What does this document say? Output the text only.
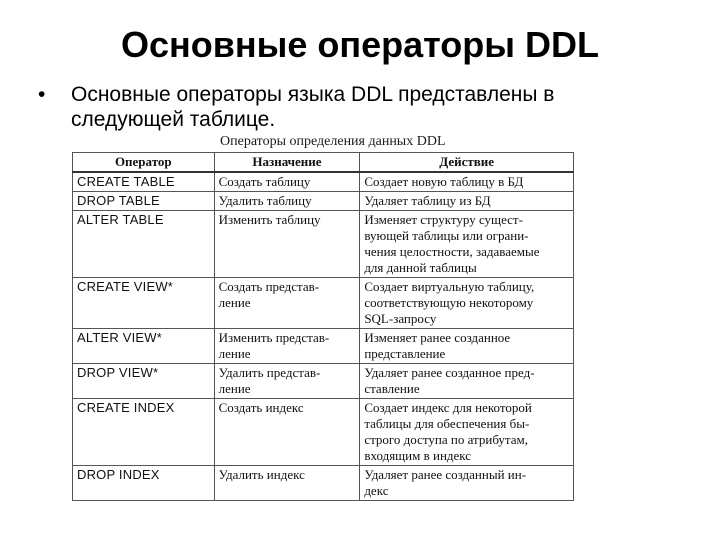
Основные операторы DDL
•	Основные операторы языка DDL представлены в
следующей таблице.
Операторы определения данных DDL
Оператор	Назначение	Действие

CREATE TABLE	Создать таблицу	Создает новую таблицу в БД

DROP TABLE	Удалить таблицу	Удаляет таблицу из БД

ALTER TABLE	Изменить таблицу	Изменяет структуру сущест-
вующей таблицы или ограни-
чения целостности, задаваемые
для данной таблицы

CREATE VIEW*	Создать представ-
ление	Создает виртуальную таблицу,
соответствующую некоторому
SQL-запросу

ALTER VIEW*	Изменить представ-
ление	Изменяет ранее созданное
представление

DROP VIEW*	Удалить представ-
ление	Удаляет ранее созданное пред-
ставление

CREATE INDEX	Создать индекс	Создает индекс для некоторой
таблицы для обеспечения бы-
строго доступа по атрибутам,
входящим в индекс

DROP INDEX	Удалить индекс	Удаляет ранее созданный ин-
декс
